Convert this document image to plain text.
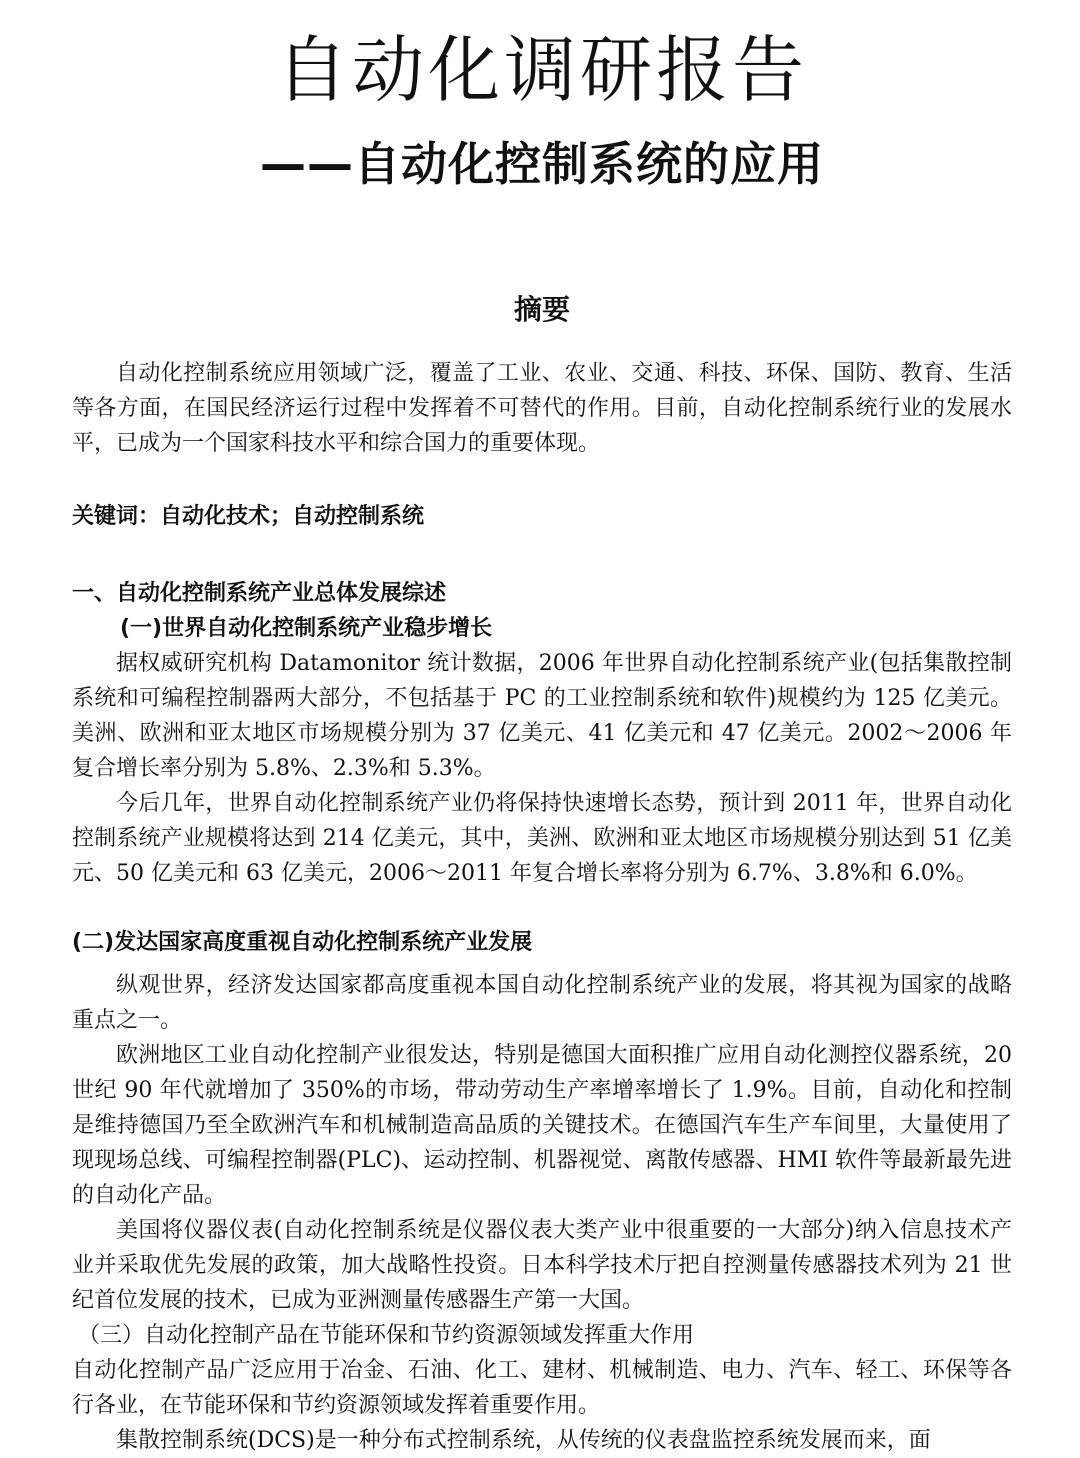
自动化调研报告
——自动化控制系统的应用
摘要

自动化控制系统应用领域广泛，覆盖了工业、农业、交通、科技、环保、国防、教育、生活等各方面，在国民经济运行过程中发挥着不可替代的作用。目前，自动化控制系统行业的发展水平，已成为一个国家科技水平和综合国力的重要体现。

关键词：自动化技术；自动控制系统
一、自动化控制系统产业总体发展综述
(一)世界自动化控制系统产业稳步增长

据权威研究机构 Datamonitor 统计数据，2006 年世界自动化控制系统产业(包括集散控制系统和可编程控制器两大部分，不包括基于 PC 的工业控制系统和软件)规模约为 125 亿美元。美洲、欧洲和亚太地区市场规模分别为 37 亿美元、41 亿美元和 47 亿美元。2002～2006 年复合增长率分别为 5.8%、2.3%和 5.3%。

今后几年，世界自动化控制系统产业仍将保持快速增长态势，预计到 2011 年，世界自动化控制系统产业规模将达到 214 亿美元，其中，美洲、欧洲和亚太地区市场规模分别达到 51 亿美元、50 亿美元和 63 亿美元，2006～2011 年复合增长率将分别为 6.7%、3.8%和 6.0%。

(二)发达国家高度重视自动化控制系统产业发展

纵观世界，经济发达国家都高度重视本国自动化控制系统产业的发展，将其视为国家的战略重点之一。

欧洲地区工业自动化控制产业很发达，特别是德国大面积推广应用自动化测控仪器系统，20 世纪 90 年代就增加了 350%的市场，带动劳动生产率增率增长了 1.9%。目前，自动化和控制是维持德国乃至全欧洲汽车和机械制造高品质的关键技术。在德国汽车生产车间里，大量使用了现现场总线、可编程控制器(PLC)、运动控制、机器视觉、离散传感器、HMI 软件等最新最先进的自动化产品。

美国将仪器仪表(自动化控制系统是仪器仪表大类产业中很重要的一大部分)纳入信息技术产业并采取优先发展的政策，加大战略性投资。日本科学技术厅把自控测量传感器技术列为 21 世纪首位发展的技术，已成为亚洲测量传感器生产第一大国。

（三）自动化控制产品在节能环保和节约资源领域发挥重大作用

自动化控制产品广泛应用于冶金、石油、化工、建材、机械制造、电力、汽车、轻工、环保等各行各业，在节能环保和节约资源领域发挥着重要作用。

集散控制系统(DCS)是一种分布式控制系统，从传统的仪表盘监控系统发展而来，面
